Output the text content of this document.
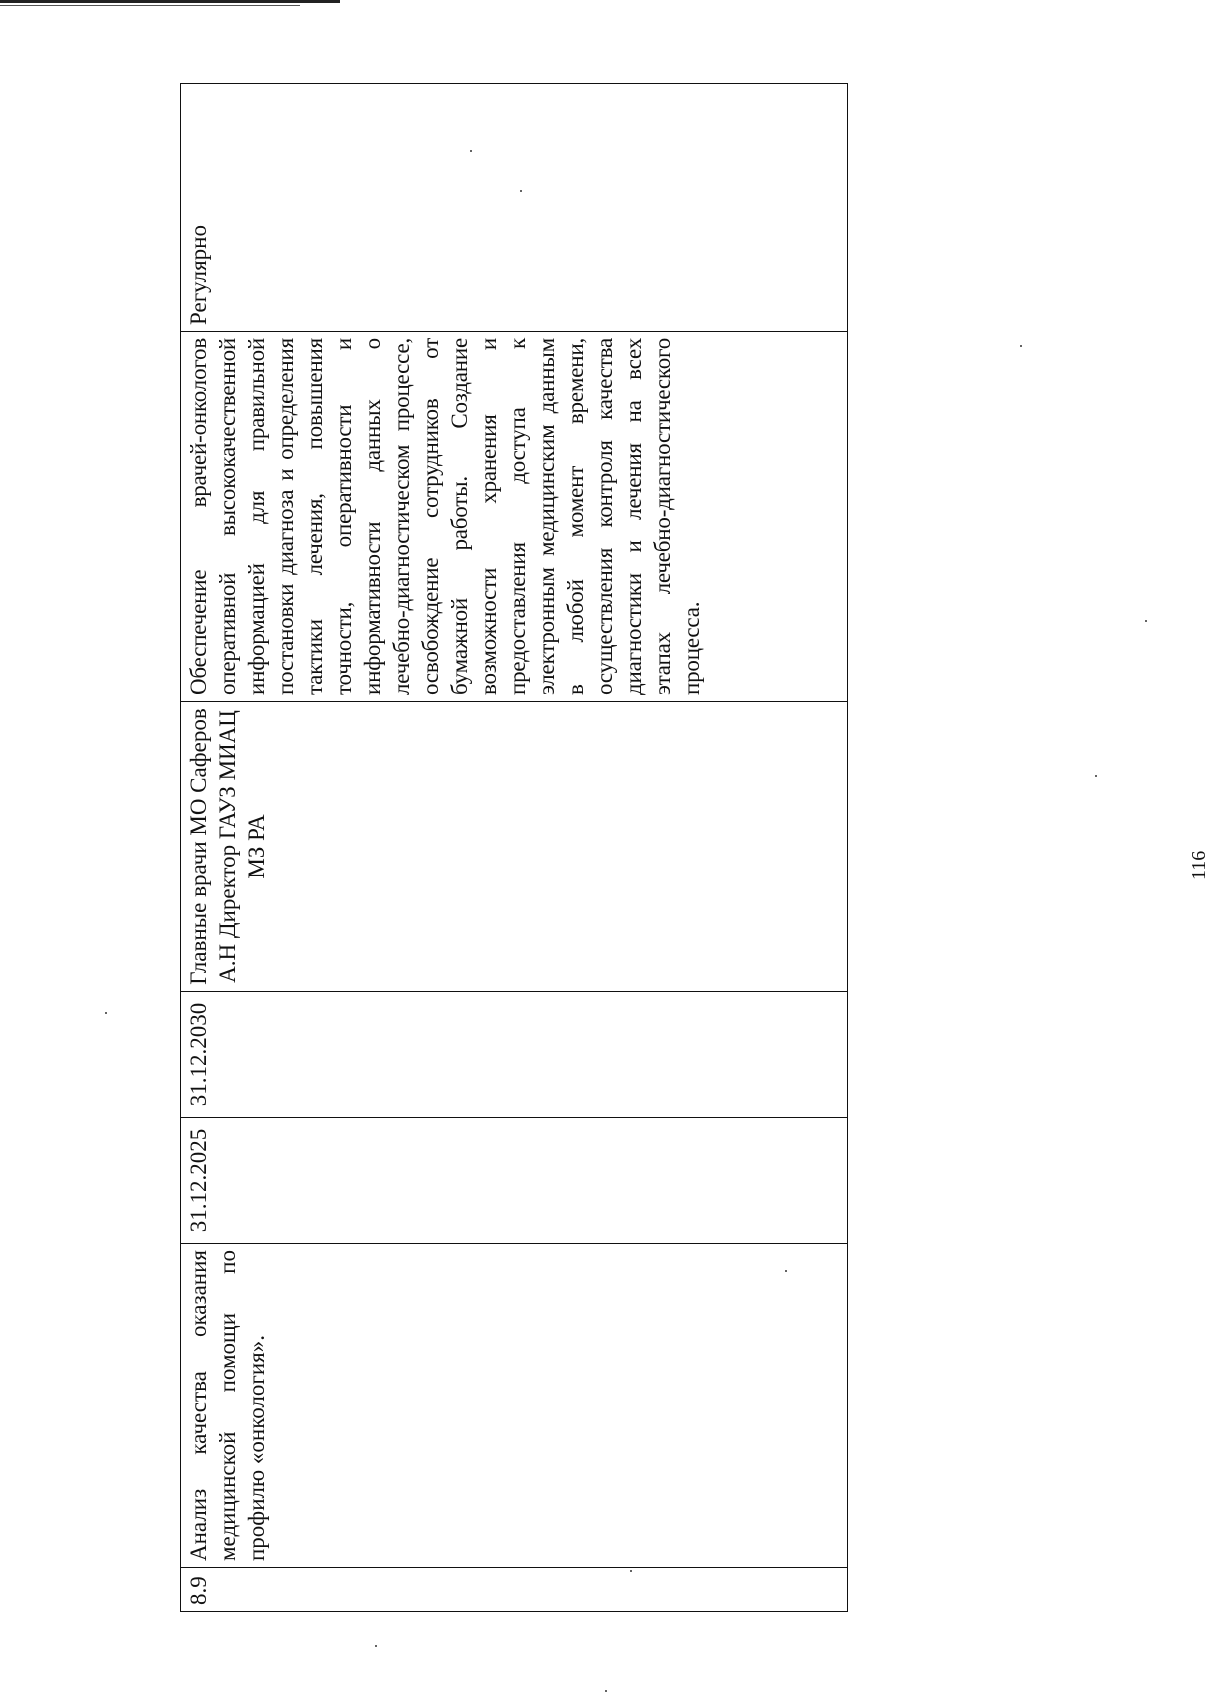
8.9	Анализ качества оказания медицинской помощи по профилю «онкология».	31.12.2025	31.12.2030	Главные врачи МО Саферов А.Н Директор ГАУЗ МИАЦ МЗ РА	Обеспечение врачей-онкологов оперативной высококачественной информацией для правильной постановки диагноза и определения тактики лечения, повышения точности, оперативности и информативности данных о лечебно-диагностическом процессе, освобождение сотрудников от бумажной работы. Создание возможности хранения и предоставления доступа к электронным медицинским данным в любой момент времени, осуществления контроля качества диагностики и лечения на всех этапах лечебно-диагностического процесса.	Регулярно
116
